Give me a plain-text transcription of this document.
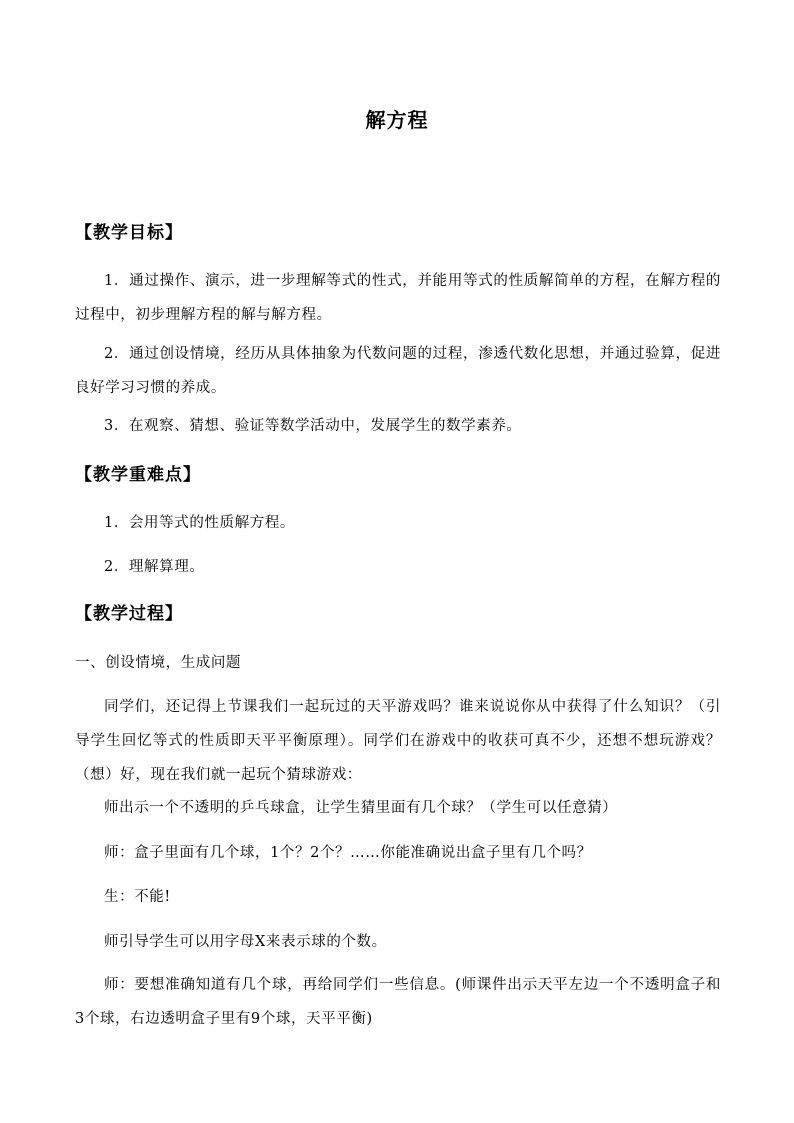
解方程
【教学目标】
1．通过操作、演示，进一步理解等式的性式，并能用等式的性质解简单的方程，在解方程的过程中，初步理解方程的解与解方程。
2．通过创设情境，经历从具体抽象为代数问题的过程，渗透代数化思想，并通过验算，促进良好学习习惯的养成。
3．在观察、猜想、验证等数学活动中，发展学生的数学素养。
【教学重难点】
1．会用等式的性质解方程。
2．理解算理。
【教学过程】
一、创设情境，生成问题
同学们，还记得上节课我们一起玩过的天平游戏吗？谁来说说你从中获得了什么知识？（引导学生回忆等式的性质即天平平衡原理）。同学们在游戏中的收获可真不少，还想不想玩游戏？（想）好，现在我们就一起玩个猜球游戏：
师出示一个不透明的乒乓球盒，让学生猜里面有几个球？（学生可以任意猜）
师：盒子里面有几个球，1个？2个？……你能准确说出盒子里有几个吗？
生：不能!
师引导学生可以用字母X来表示球的个数。
师：要想准确知道有几个球，再给同学们一些信息。(师课件出示天平左边一个不透明盒子和3个球，右边透明盒子里有9个球，天平平衡)
